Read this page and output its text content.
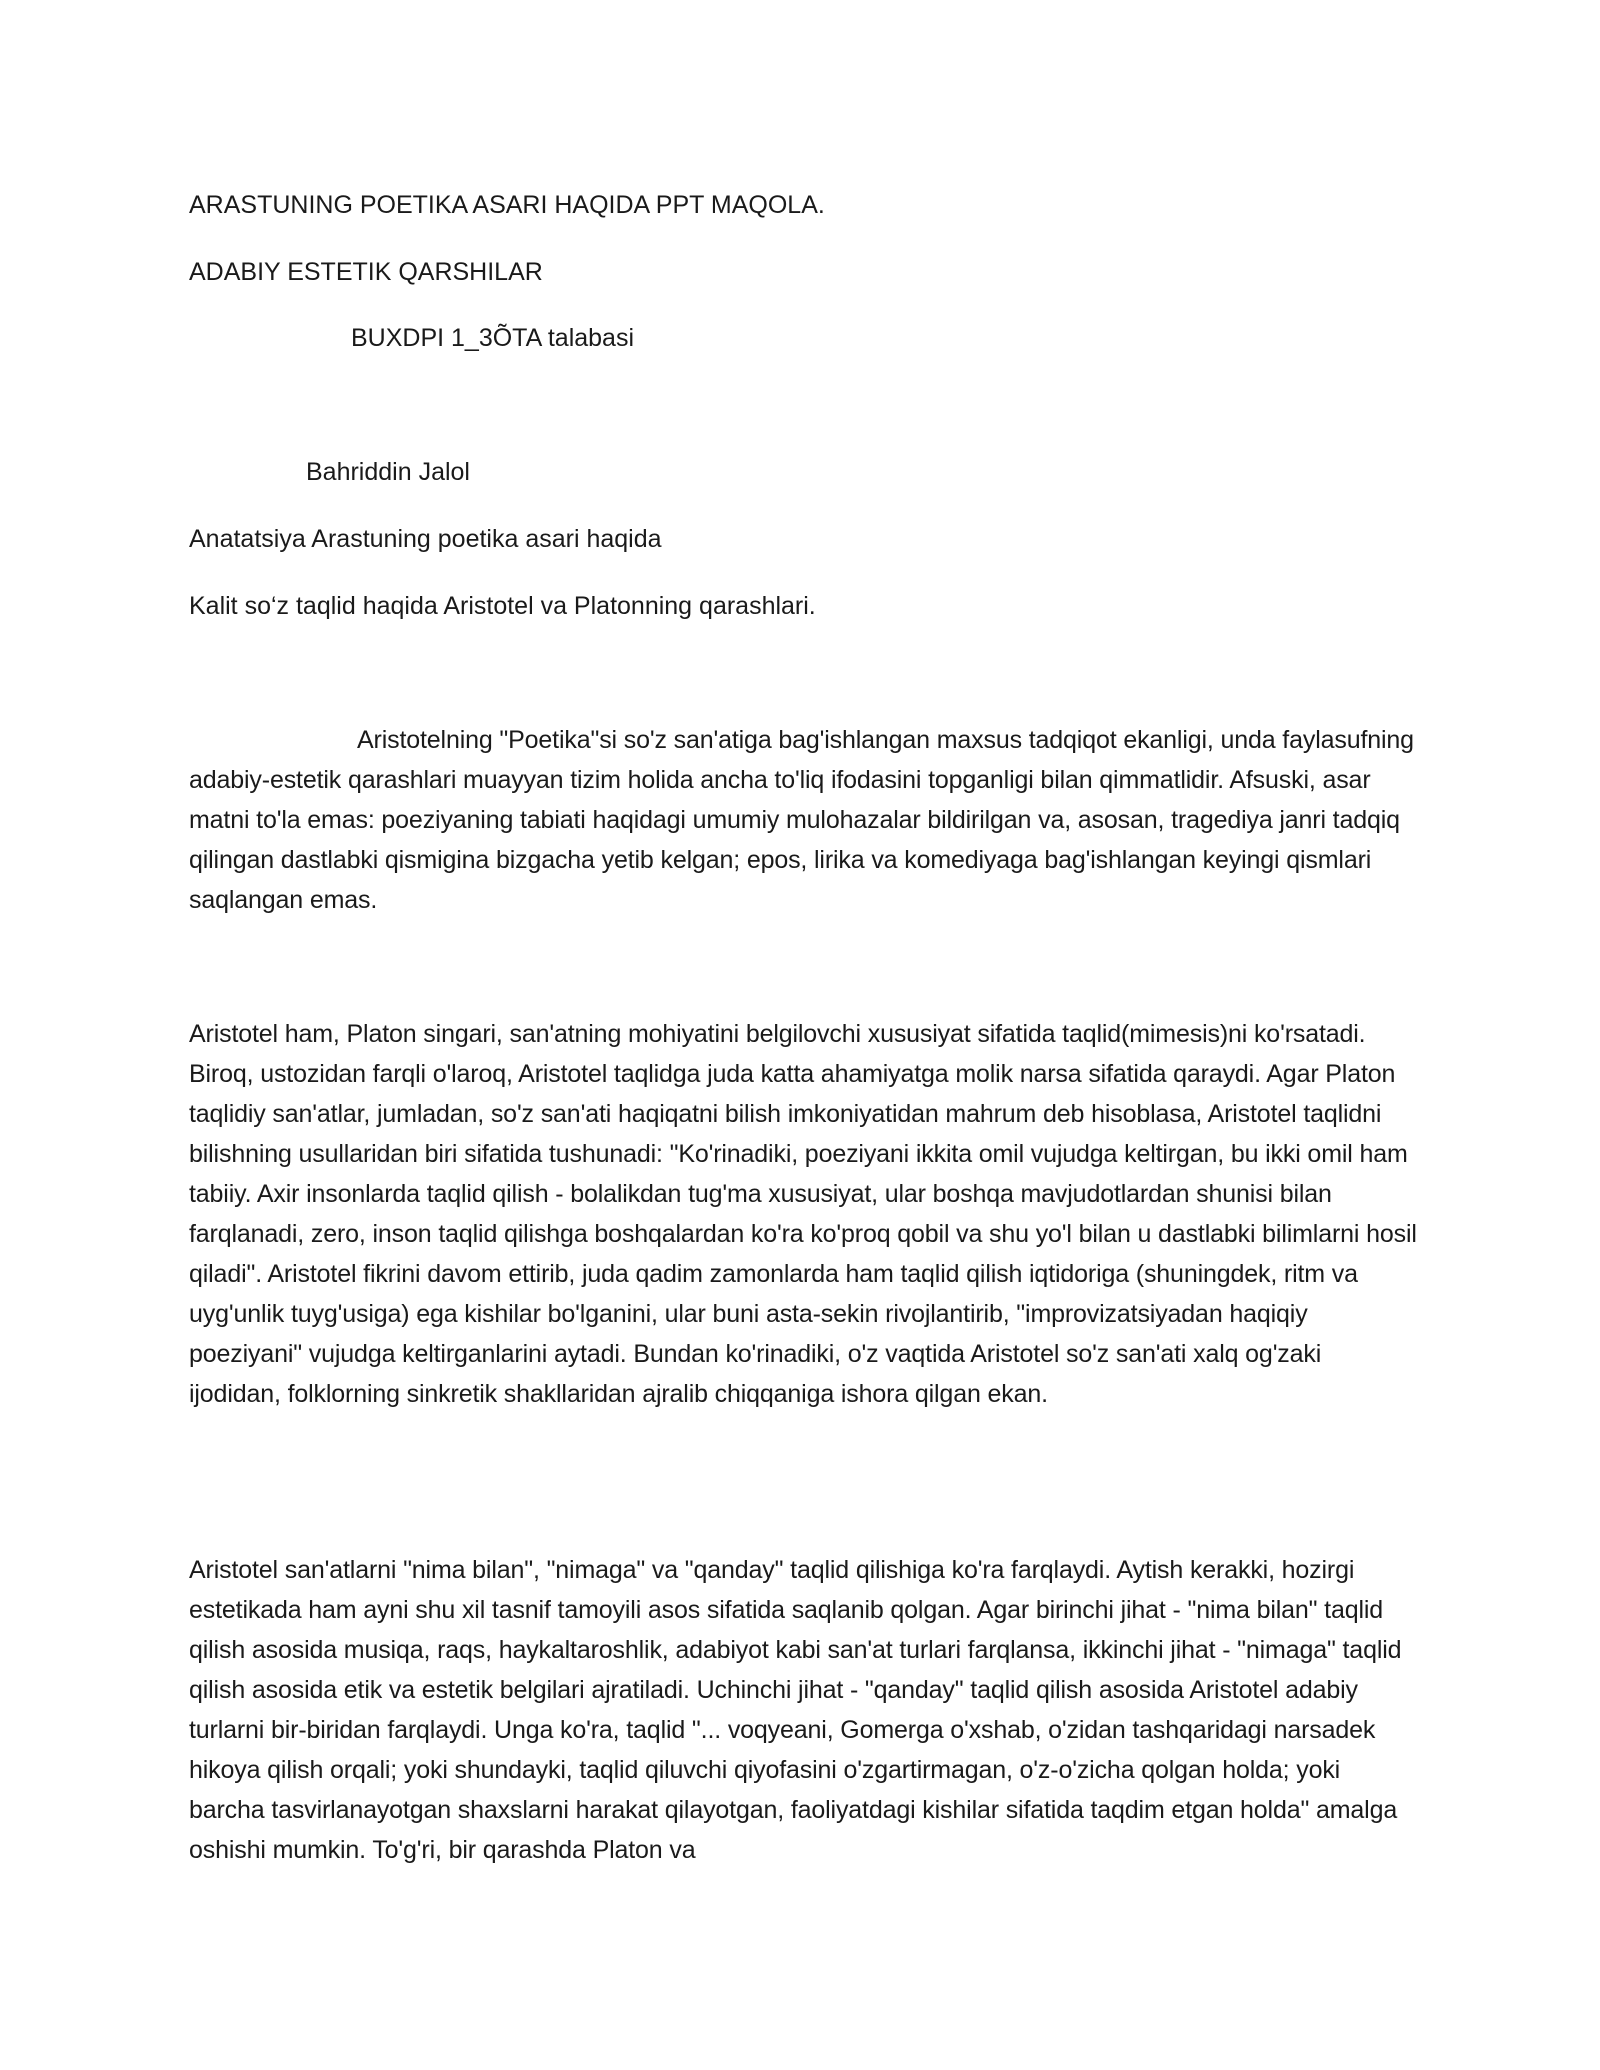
ARASTUNING POETIKA ASARI HAQIDA PPT MAQOLA.

ADABIY ESTETIK QARSHILAR

BUXDPI 1_3ÕTA talabasi

Bahriddin Jalol

Anatatsiya Arastuning poetika asari haqida

Kalit so‘z taqlid haqida Aristotel va Platonning qarashlari.

Aristotelning "Poetika"si so'z san'atiga bag'ishlangan maxsus tadqiqot ekanligi, unda faylasufning adabiy-estetik qarashlari muayyan tizim holida ancha to'liq ifodasini topganligi bilan qimmatlidir. Afsuski, asar matni to'la emas: poeziyaning tabiati haqidagi umumiy mulohazalar bildirilgan va, asosan, tragediya janri tadqiq qilingan dastlabki qismigina bizgacha yetib kelgan; epos, lirika va komediyaga bag'ishlangan keyingi qismlari saqlangan emas.

Aristotel ham, Platon singari, san'atning mohiyatini belgilovchi xususiyat sifatida taqlid(mimesis)ni ko'rsatadi. Biroq, ustozidan farqli o'laroq, Aristotel taqlidga juda katta ahamiyatga molik narsa sifatida qaraydi. Agar Platon taqlidiy san'atlar, jumladan, so'z san'ati haqiqatni bilish imkoniyatidan mahrum deb hisoblasa, Aristotel taqlidni bilishning usullaridan biri sifatida tushunadi: "Ko'rinadiki, poeziyani ikkita omil vujudga keltirgan, bu ikki omil ham tabiiy. Axir insonlarda taqlid qilish - bolalikdan tug'ma xususiyat, ular boshqa mavjudotlardan shunisi bilan farqlanadi, zero, inson taqlid qilishga boshqalardan ko'ra ko'proq qobil va shu yo'l bilan u dastlabki bilimlarni hosil qiladi". Aristotel fikrini davom ettirib, juda qadim zamonlarda ham taqlid qilish iqtidoriga (shuningdek, ritm va uyg'unlik tuyg'usiga) ega kishilar bo'lganini, ular buni asta-sekin rivojlantirib, "improvizatsiyadan haqiqiy poeziyani" vujudga keltirganlarini aytadi. Bundan ko'rinadiki, o'z vaqtida Aristotel so'z san'ati xalq og'zaki ijodidan, folklorning sinkretik shakllaridan ajralib chiqqaniga ishora qilgan ekan.

Aristotel san'atlarni "nima bilan", "nimaga" va "qanday" taqlid qilishiga ko'ra farqlaydi. Aytish kerakki, hozirgi estetikada ham ayni shu xil tasnif tamoyili asos sifatida saqlanib qolgan. Agar birinchi jihat - "nima bilan" taqlid qilish asosida musiqa, raqs, haykaltaroshlik, adabiyot kabi san'at turlari farqlansa, ikkinchi jihat - "nimaga" taqlid qilish asosida etik va estetik belgilari ajratiladi. Uchinchi jihat - "qanday" taqlid qilish asosida Aristotel adabiy turlarni bir-biridan farqlaydi. Unga ko'ra, taqlid "... voqyeani, Gomerga o'xshab, o'zidan tashqaridagi narsadek hikoya qilish orqali; yoki shundayki, taqlid qiluvchi qiyofasini o'zgartirmagan, o'z-o'zicha qolgan holda; yoki barcha tasvirlanayotgan shaxslarni harakat qilayotgan, faoliyatdagi kishilar sifatida taqdim etgan holda" amalga oshishi mumkin. To'g'ri, bir qarashda Platon va
